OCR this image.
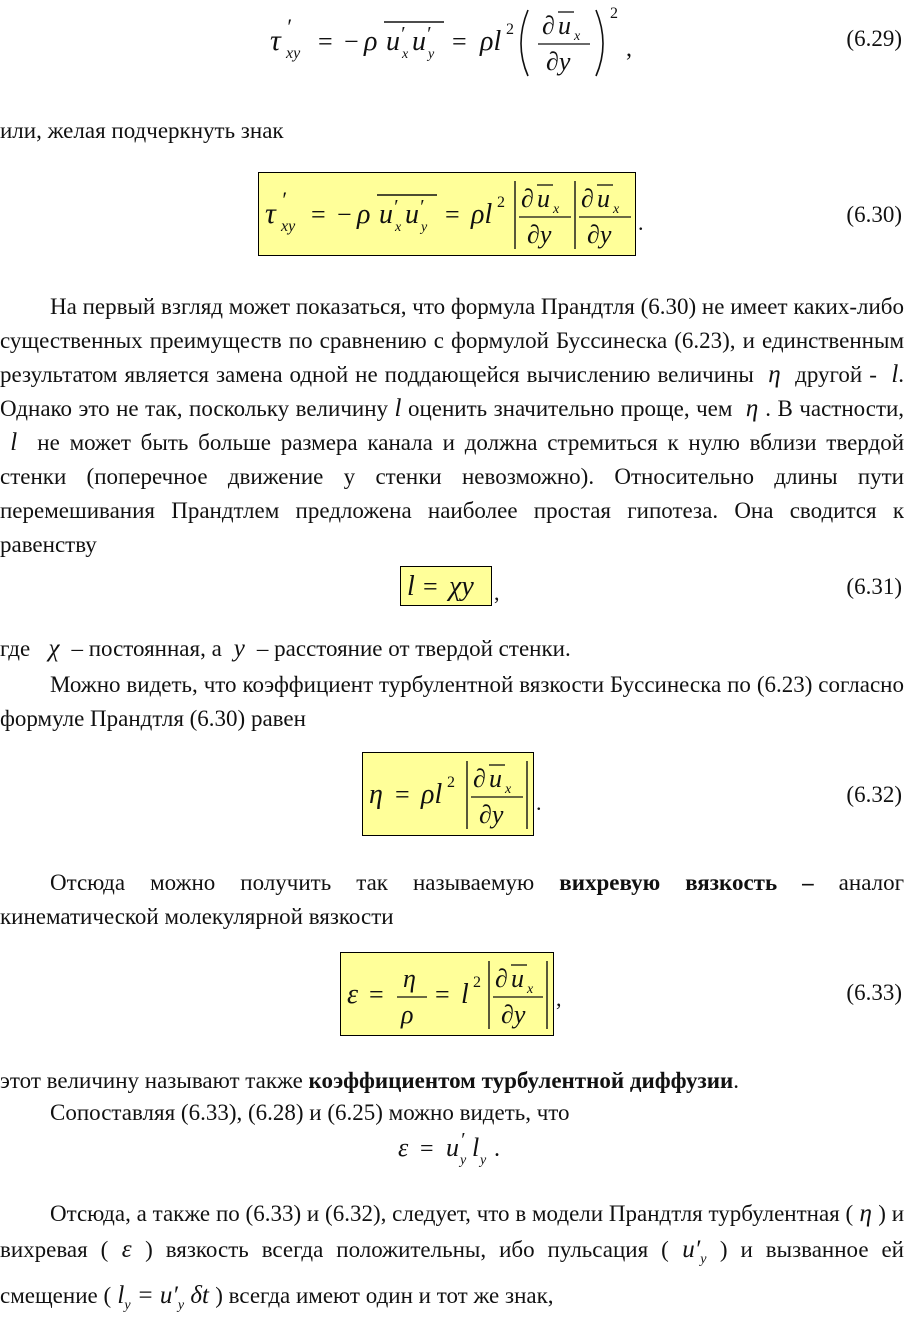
τ ′
xy = − ρ u ′
x u ′
y = ρl 2 ∂ u x
∂y
2
,	(6.29)
или, желая подчеркнуть знак
τ ′
xy = − ρ u ′
x u ′
y = ρl 2 ∂ u x
∂y
∂ u x
∂y .	(6.30)
На первый взгляд может показаться, что формула Прандтля (6.30) не имеет каких-либо существенных преимуществ по сравнению с формулой Буссинеска (6.23), и единственным результатом является замена одной не поддающейся вычислению величины  η  другой -  l. Однако это не так, поскольку величину l оценить значительно проще, чем  η . В частности,  l  не может быть больше размера канала и должна стремиться к нулю вблизи твердой стенки (поперечное движение у стенки невозможно). Относительно длины пути перемешивания Прандтлем предложена наиболее простая гипотеза. Она сводится к равенству
l = χy ,	(6.31)
где   χ  – постоянная, а  y  – расстояние от твердой стенки.
Можно видеть, что коэффициент турбулентной вязкости Буссинеска по (6.23) согласно формуле Прандтля (6.30) равен
η = ρl 2 ∂ u x
∂y .	(6.32)
Отсюда можно получить так называемую вихревую вязкость – аналог кинематической молекулярной вязкости
ε =
η
ρ
= l 2 ∂ u x
∂y
,	(6.33)
этот величину называют также коэффициентом турбулентной диффузии.
Сопоставляя (6.33), (6.28) и (6.25) можно видеть, что
ε = u ′
y l y .
Отсюда, а также по (6.33) и (6.32), следует, что в модели Прандтля турбулентная ( η ) и вихревая ( ε ) вязкость всегда положительны, ибо пульсация ( $u'_y$ ) и вызванное ей смещение ( $l_y = u'_y$ δt ) всегда имеют один и тот же знак,
